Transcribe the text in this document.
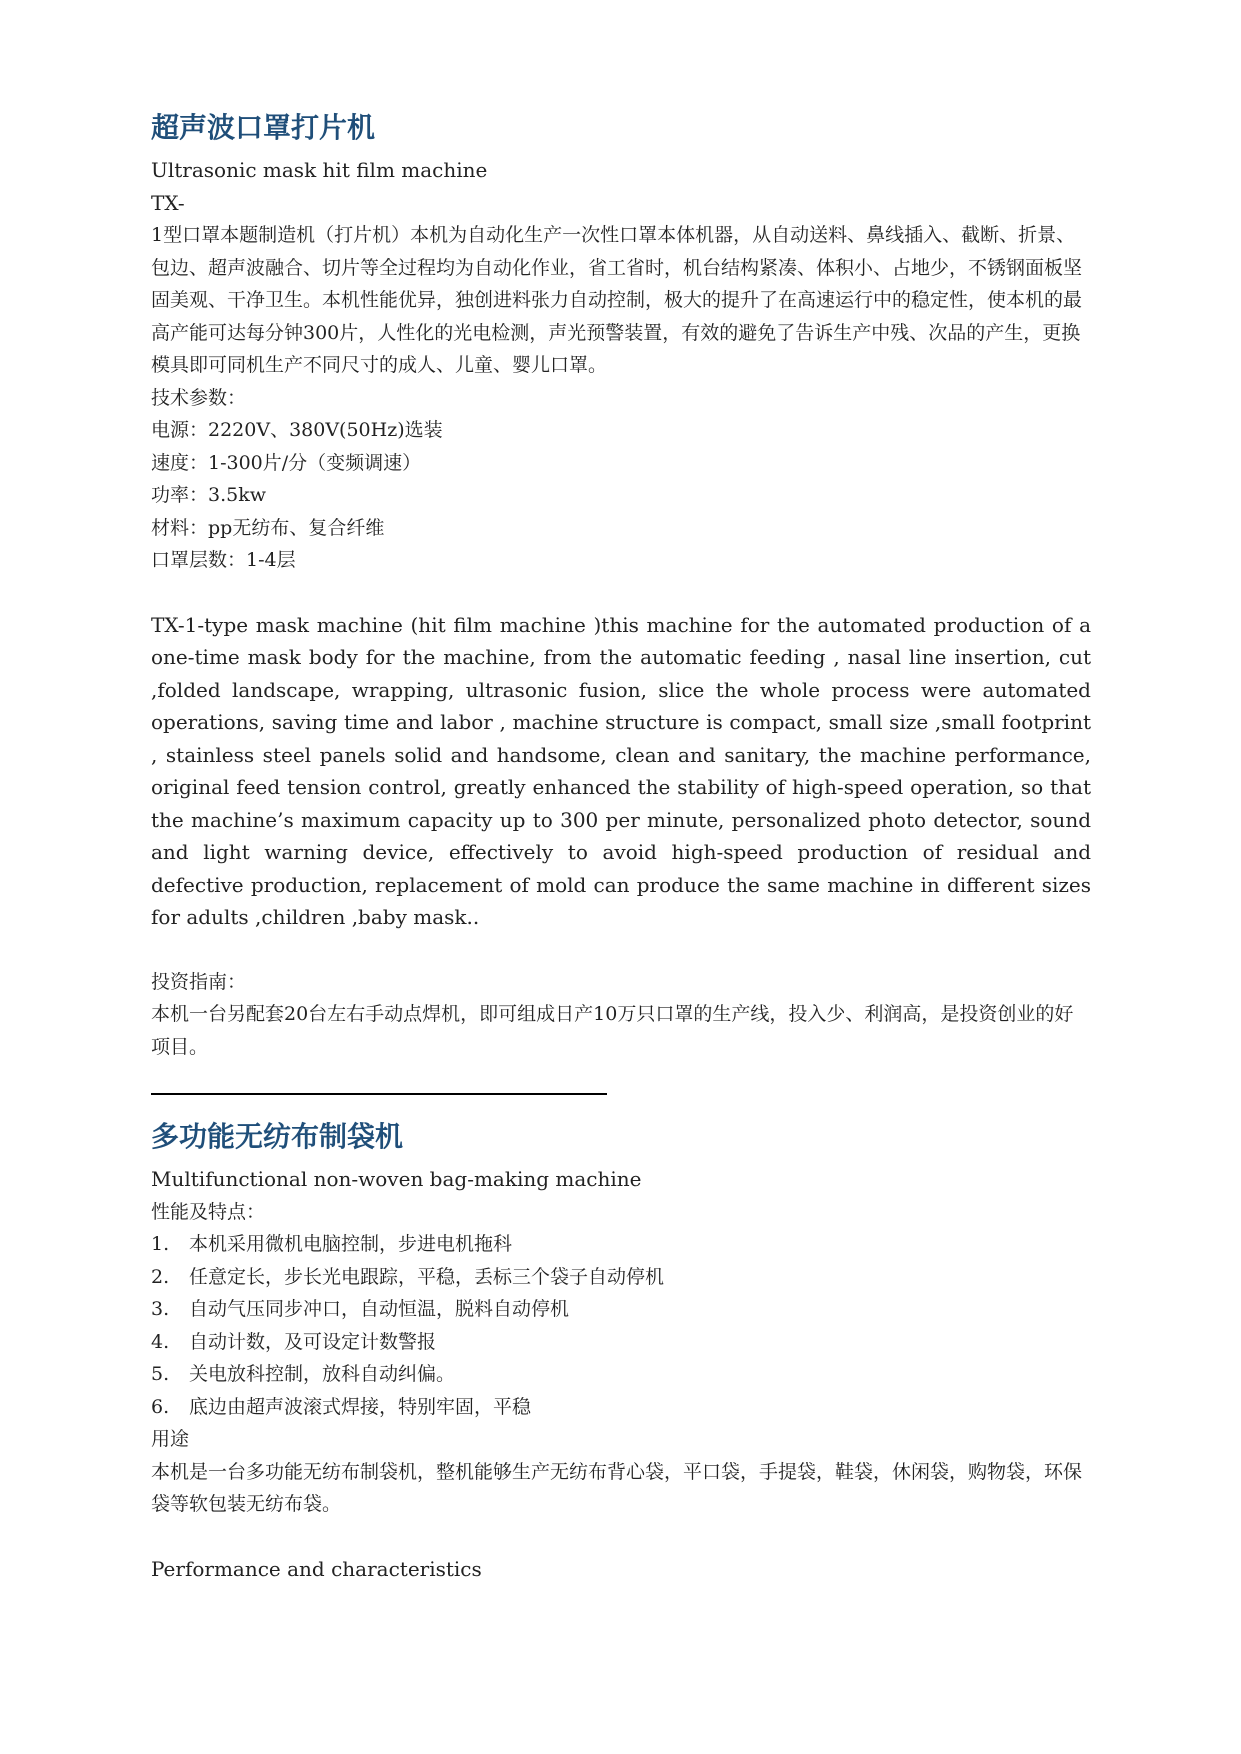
超声波口罩打片机

Ultrasonic mask hit film machine

TX-

1型口罩本题制造机（打片机）本机为自动化生产一次性口罩本体机器，从自动送料、鼻线插入、截断、折景、包边、超声波融合、切片等全过程均为自动化作业，省工省时，机台结构紧凑、体积小、占地少，不锈钢面板坚固美观、干净卫生。本机性能优异，独创进料张力自动控制，极大的提升了在高速运行中的稳定性，使本机的最高产能可达每分钟300片，人性化的光电检测，声光预警装置，有效的避免了告诉生产中残、次品的产生，更换模具即可同机生产不同尺寸的成人、儿童、婴儿口罩。

技术参数：

电源：2220V、380V(50Hz)选装

速度：1-300片/分（变频调速）

功率：3.5kw

材料：pp无纺布、复合纤维

口罩层数：1-4层

TX-1-type mask machine (hit film machine )this machine for the automated production of a one-time mask body for the machine, from the automatic feeding , nasal line insertion, cut ,folded landscape, wrapping, ultrasonic fusion, slice the whole process were automated operations, saving time and labor , machine structure is compact, small size ,small footprint , stainless steel panels solid and handsome, clean and sanitary, the machine performance, original feed tension control, greatly enhanced the stability of high-speed operation, so that the machine’s maximum capacity up to 300 per minute, personalized photo detector, sound and light warning device, effectively to avoid high-speed production of residual and defective production, replacement of mold can produce the same machine in different sizes for adults ,children ,baby mask..

投资指南：

本机一台另配套20台左右手动点焊机，即可组成日产10万只口罩的生产线，投入少、利润高，是投资创业的好项目。

多功能无纺布制袋机

Multifunctional non-woven bag-making machine

性能及特点：

1.	本机采用微机电脑控制，步进电机拖科
2.	任意定长，步长光电跟踪，平稳，丢标三个袋子自动停机
3.	自动气压同步冲口，自动恒温，脱料自动停机
4.	自动计数，及可设定计数警报
5.	关电放科控制，放科自动纠偏。
6.	底边由超声波滚式焊接，特别牢固，平稳

用途

本机是一台多功能无纺布制袋机，整机能够生产无纺布背心袋，平口袋，手提袋，鞋袋，休闲袋，购物袋，环保袋等软包装无纺布袋。

Performance and characteristics
